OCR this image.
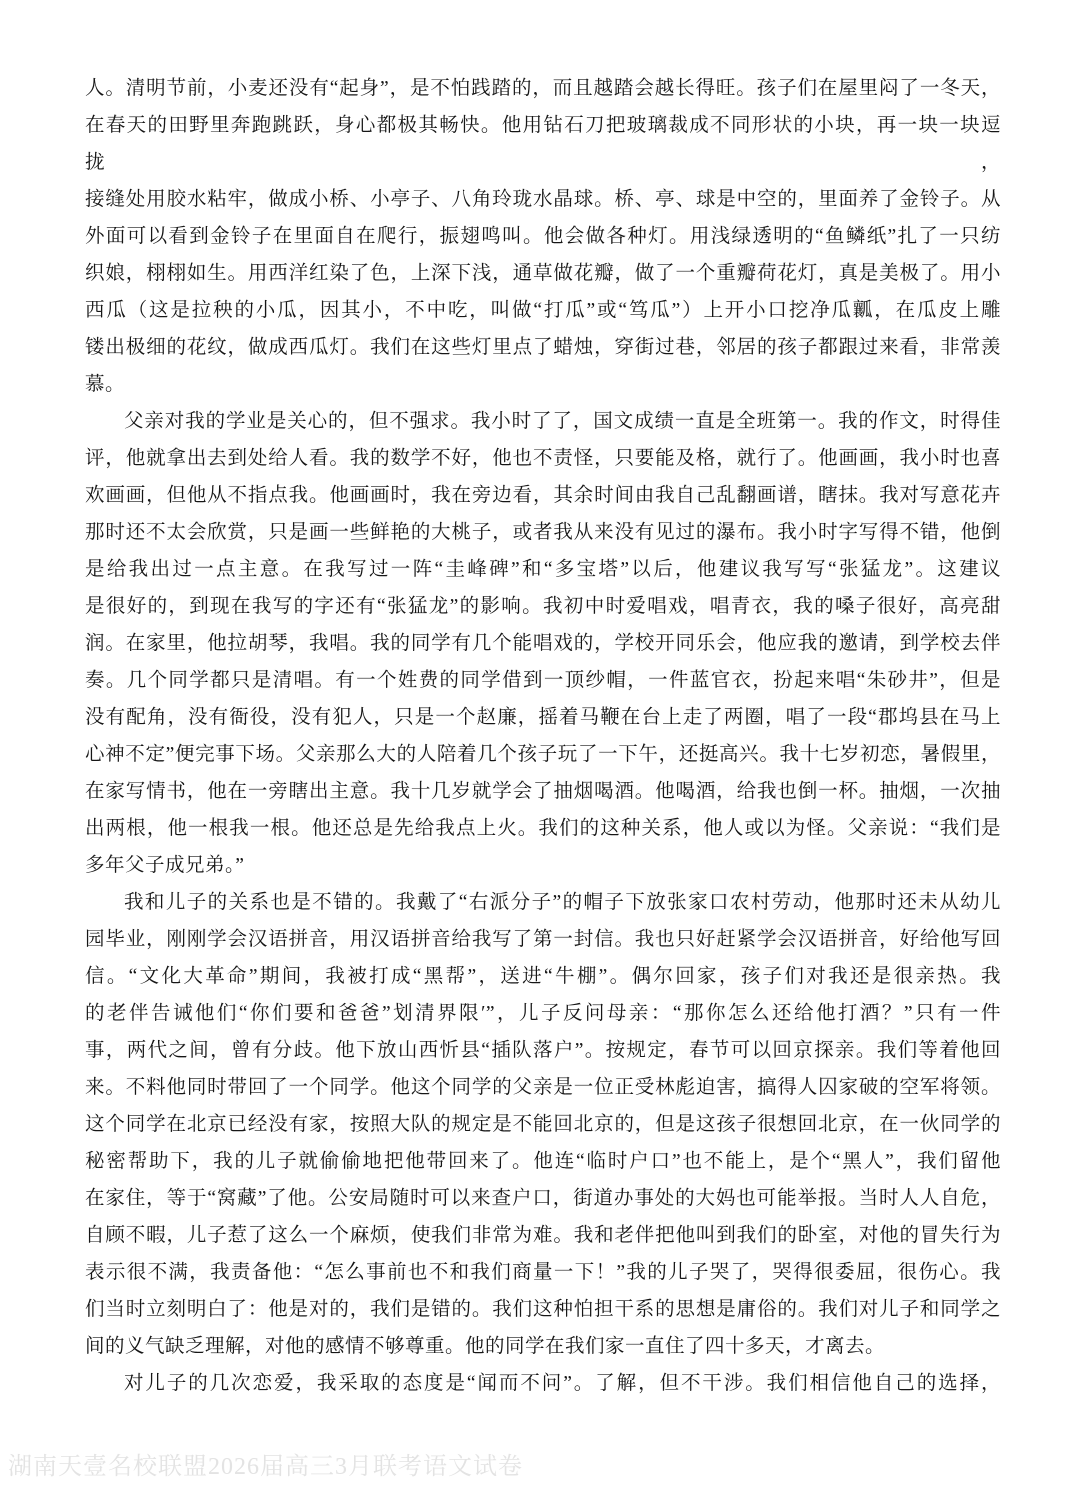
人。清明节前，小麦还没有“起身”，是不怕践踏的，而且越踏会越长得旺。孩子们在屋里闷了一冬天，
在春天的田野里奔跑跳跃，身心都极其畅快。他用钻石刀把玻璃裁成不同形状的小块，再一块一块逗拢，
接缝处用胶水粘牢，做成小桥、小亭子、八角玲珑水晶球。桥、亭、球是中空的，里面养了金铃子。从
外面可以看到金铃子在里面自在爬行，振翅鸣叫。他会做各种灯。用浅绿透明的“鱼鳞纸”扎了一只纺
织娘，栩栩如生。用西洋红染了色，上深下浅，通草做花瓣，做了一个重瓣荷花灯，真是美极了。用小
西瓜（这是拉秧的小瓜，因其小，不中吃，叫做“打瓜”或“笃瓜”）上开小口挖净瓜瓤，在瓜皮上雕
镂出极细的花纹，做成西瓜灯。我们在这些灯里点了蜡烛，穿街过巷，邻居的孩子都跟过来看，非常羡
慕。
父亲对我的学业是关心的，但不强求。我小时了了，国文成绩一直是全班第一。我的作文，时得佳
评，他就拿出去到处给人看。我的数学不好，他也不责怪，只要能及格，就行了。他画画，我小时也喜
欢画画，但他从不指点我。他画画时，我在旁边看，其余时间由我自己乱翻画谱，瞎抹。我对写意花卉
那时还不太会欣赏，只是画一些鲜艳的大桃子，或者我从来没有见过的瀑布。我小时字写得不错，他倒
是给我出过一点主意。在我写过一阵“圭峰碑”和“多宝塔”以后，他建议我写写“张猛龙”。这建议
是很好的，到现在我写的字还有“张猛龙”的影响。我初中时爱唱戏，唱青衣，我的嗓子很好，高亮甜
润。在家里，他拉胡琴，我唱。我的同学有几个能唱戏的，学校开同乐会，他应我的邀请，到学校去伴
奏。几个同学都只是清唱。有一个姓费的同学借到一顶纱帽，一件蓝官衣，扮起来唱“朱砂井”，但是
没有配角，没有衙役，没有犯人，只是一个赵廉，摇着马鞭在台上走了两圈，唱了一段“郡坞县在马上
心神不定”便完事下场。父亲那么大的人陪着几个孩子玩了一下午，还挺高兴。我十七岁初恋，暑假里，
在家写情书，他在一旁瞎出主意。我十几岁就学会了抽烟喝酒。他喝酒，给我也倒一杯。抽烟，一次抽
出两根，他一根我一根。他还总是先给我点上火。我们的这种关系，他人或以为怪。父亲说：“我们是
多年父子成兄弟。”
我和儿子的关系也是不错的。我戴了“右派分子”的帽子下放张家口农村劳动，他那时还未从幼儿
园毕业，刚刚学会汉语拼音，用汉语拼音给我写了第一封信。我也只好赶紧学会汉语拼音，好给他写回
信。“文化大革命”期间，我被打成“黑帮”，送进“牛棚”。偶尔回家，孩子们对我还是很亲热。我
的老伴告诫他们“你们要和爸爸”划清界限′”，儿子反问母亲：“那你怎么还给他打酒？”只有一件
事，两代之间，曾有分歧。他下放山西忻县“插队落户”。按规定，春节可以回京探亲。我们等着他回
来。不料他同时带回了一个同学。他这个同学的父亲是一位正受林彪迫害，搞得人囚家破的空军将领。
这个同学在北京已经没有家，按照大队的规定是不能回北京的，但是这孩子很想回北京，在一伙同学的
秘密帮助下，我的儿子就偷偷地把他带回来了。他连“临时户口”也不能上，是个“黑人”，我们留他
在家住，等于“窝藏”了他。公安局随时可以来查户口，街道办事处的大妈也可能举报。当时人人自危，
自顾不暇，儿子惹了这么一个麻烦，使我们非常为难。我和老伴把他叫到我们的卧室，对他的冒失行为
表示很不满，我责备他：“怎么事前也不和我们商量一下！”我的儿子哭了，哭得很委屈，很伤心。我
们当时立刻明白了：他是对的，我们是错的。我们这种怕担干系的思想是庸俗的。我们对儿子和同学之
间的义气缺乏理解，对他的感情不够尊重。他的同学在我们家一直住了四十多天，才离去。
对儿子的几次恋爱，我采取的态度是“闻而不问”。了解，但不干涉。我们相信他自己的选择，
湖南天壹名校联盟2026届高三3月联考语文试卷
